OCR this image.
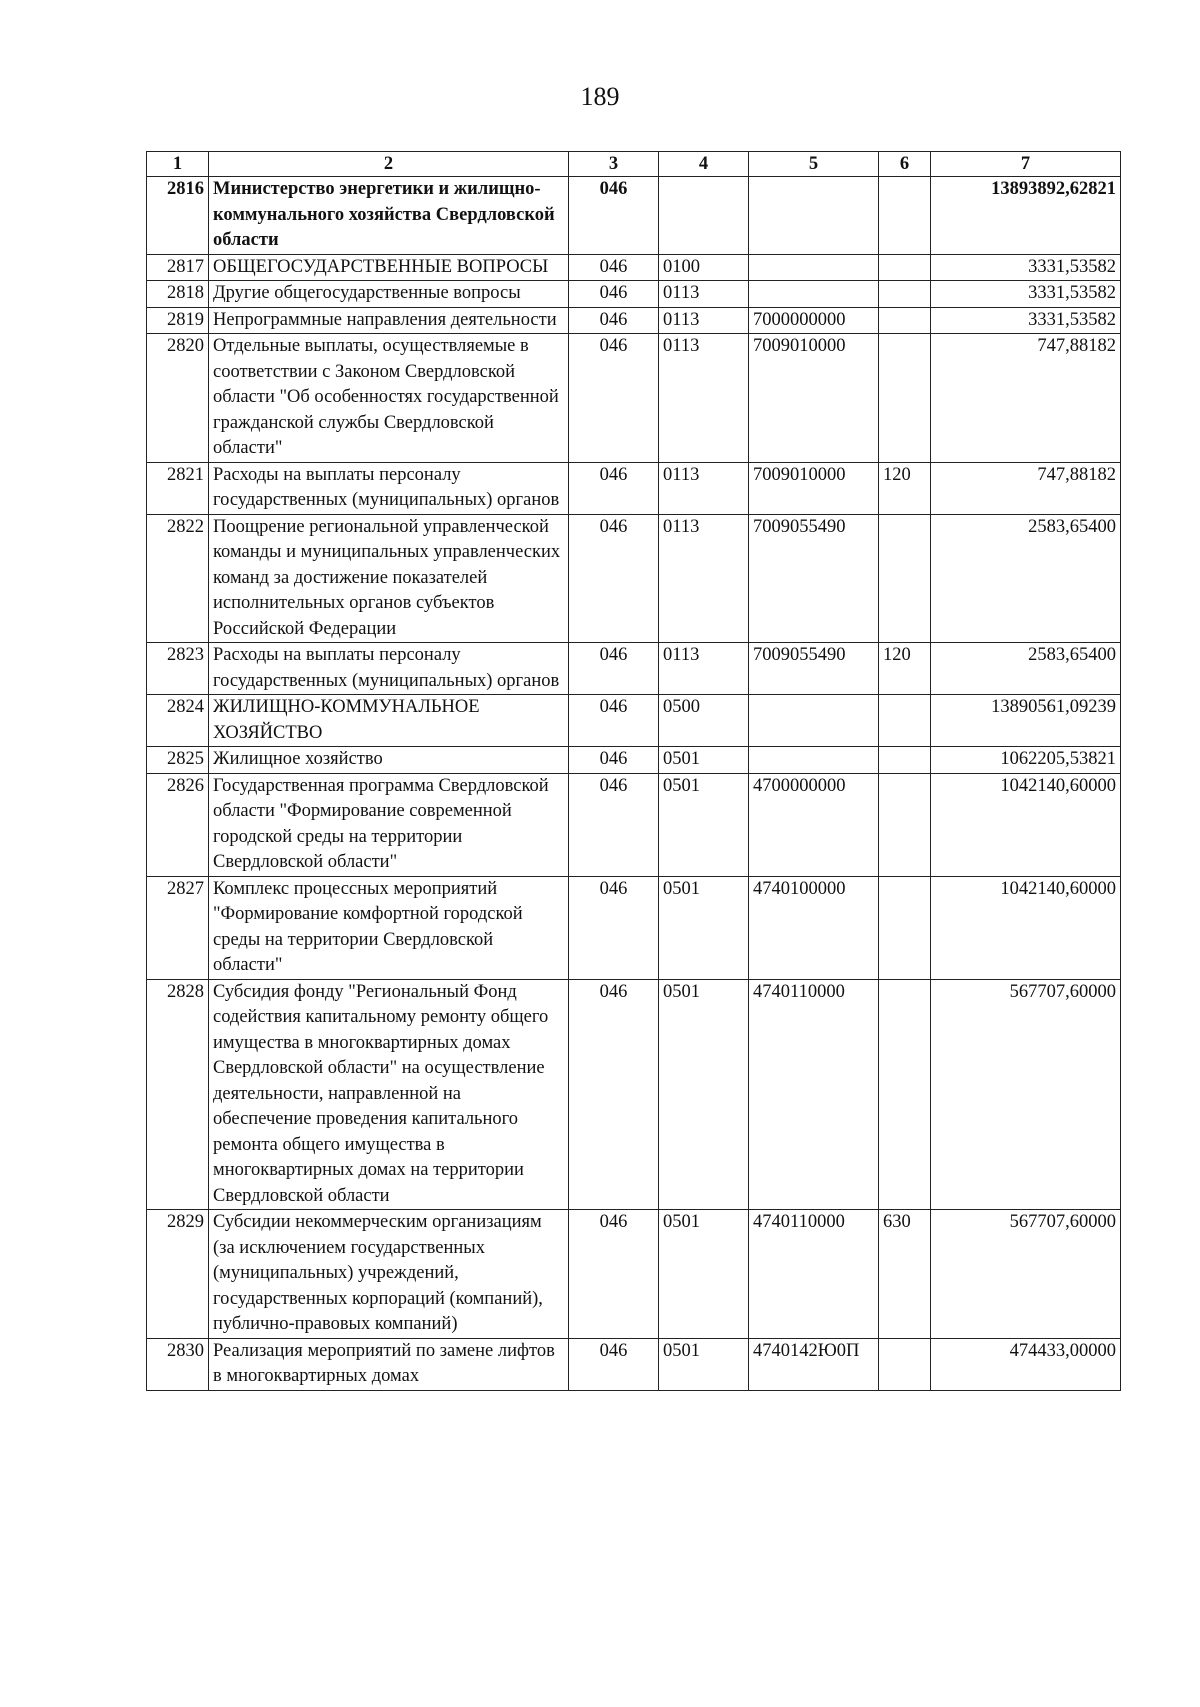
189
1	2	3	4	5	6	7
2816	Министерство энергетики и жилищно-коммунального хозяйства Свердловской области	046				13893892,62821
2817	ОБЩЕГОСУДАРСТВЕННЫЕ ВОПРОСЫ	046	0100			3331,53582
2818	Другие общегосударственные вопросы	046	0113			3331,53582
2819	Непрограммные направления деятельности	046	0113	7000000000		3331,53582
2820	Отдельные выплаты, осуществляемые в соответствии с Законом Свердловской области "Об особенностях государственной гражданской службы Свердловской области"	046	0113	7009010000		747,88182
2821	Расходы на выплаты персоналу государственных (муниципальных) органов	046	0113	7009010000	120	747,88182
2822	Поощрение региональной управленческой команды и муниципальных управленческих команд за достижение показателей исполнительных органов субъектов Российской Федерации	046	0113	7009055490		2583,65400
2823	Расходы на выплаты персоналу государственных (муниципальных) органов	046	0113	7009055490	120	2583,65400
2824	ЖИЛИЩНО-КОММУНАЛЬНОЕ ХОЗЯЙСТВО	046	0500			13890561,09239
2825	Жилищное хозяйство	046	0501			1062205,53821
2826	Государственная программа Свердловской области "Формирование современной городской среды на территории Свердловской области"	046	0501	4700000000		1042140,60000
2827	Комплекс процессных мероприятий "Формирование комфортной городской среды на территории Свердловской области"	046	0501	4740100000		1042140,60000
2828	Субсидия фонду "Региональный Фонд содействия капитальному ремонту общего имущества в многоквартирных домах Свердловской области" на осуществление деятельности, направленной на обеспечение проведения капитального ремонта общего имущества в многоквартирных домах на территории Свердловской области	046	0501	4740110000		567707,60000
2829	Субсидии некоммерческим организациям (за исключением государственных (муниципальных) учреждений, государственных корпораций (компаний), публично-правовых компаний)	046	0501	4740110000	630	567707,60000
2830	Реализация мероприятий по замене лифтов в многоквартирных домах	046	0501	4740142Ю0П		474433,00000
